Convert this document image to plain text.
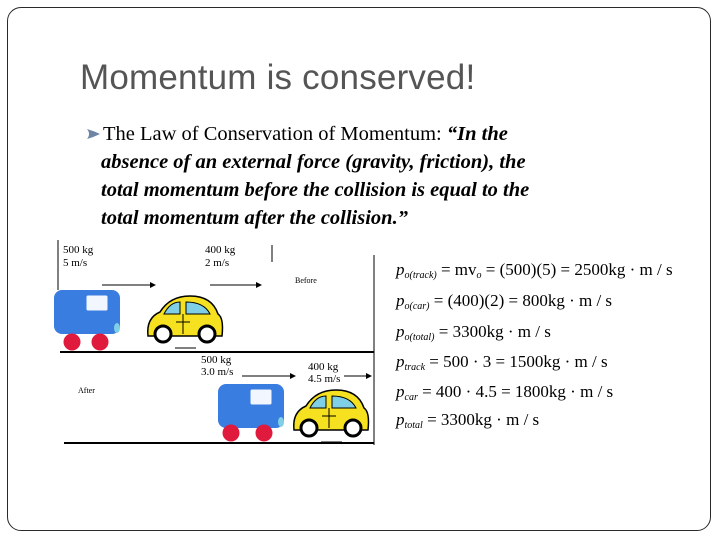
Momentum is conserved!
The Law of Conservation of Momentum: “In the
absence of an external force (gravity, friction), the
total momentum before the collision is equal to the
total momentum after the collision.”
500 kg
5 m/s
400 kg
2 m/s
Before
500 kg
3.0 m/s	400 kg
4.5 m/s
After
$p_{o(track)} = mv_o = (500)(5) = 2500kg \cdot m / s$
$p_{o(car)} = (400)(2) = 800kg \cdot m / s$
$p_{o(total)} = 3300kg \cdot m / s$
$p_{track} = 500 \cdot 3 = 1500kg \cdot m / s$
$p_{car} = 400 \cdot 4.5 = 1800kg \cdot m / s$
$p_{total} = 3300kg \cdot m / s$
